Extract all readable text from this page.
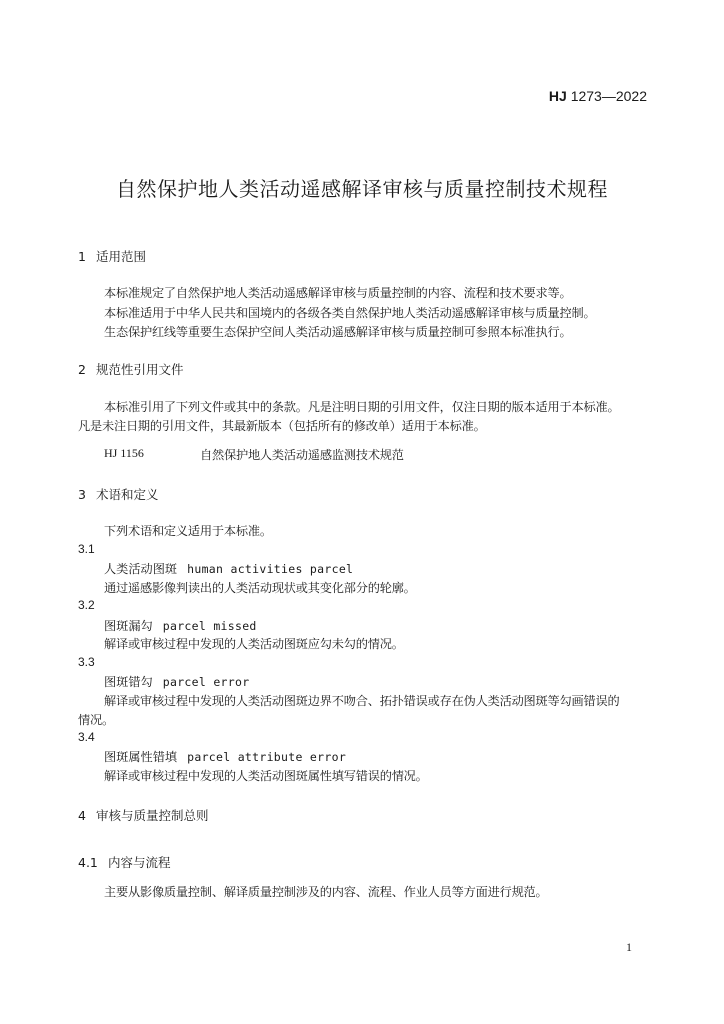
HJ 1273—2022
自然保护地人类活动遥感解译审核与质量控制技术规程
1 适用范围
本标准规定了自然保护地人类活动遥感解译审核与质量控制的内容、流程和技术要求等。
本标准适用于中华人民共和国境内的各级各类自然保护地人类活动遥感解译审核与质量控制。
生态保护红线等重要生态保护空间人类活动遥感解译审核与质量控制可参照本标准执行。
2 规范性引用文件
本标准引用了下列文件或其中的条款。凡是注明日期的引用文件，仅注日期的版本适用于本标准。
凡是未注日期的引用文件，其最新版本（包括所有的修改单）适用于本标准。
HJ 1156	自然保护地人类活动遥感监测技术规范
3 术语和定义
下列术语和定义适用于本标准。
3.1
人类活动图斑 human activities parcel
通过遥感影像判读出的人类活动现状或其变化部分的轮廓。
3.2
图斑漏勾 parcel missed
解译或审核过程中发现的人类活动图斑应勾未勾的情况。
3.3
图斑错勾 parcel error
解译或审核过程中发现的人类活动图斑边界不吻合、拓扑错误或存在伪人类活动图斑等勾画错误的
情况。
3.4
图斑属性错填 parcel attribute error
解译或审核过程中发现的人类活动图斑属性填写错误的情况。
4 审核与质量控制总则
4.1 内容与流程
主要从影像质量控制、解译质量控制涉及的内容、流程、作业人员等方面进行规范。
1
